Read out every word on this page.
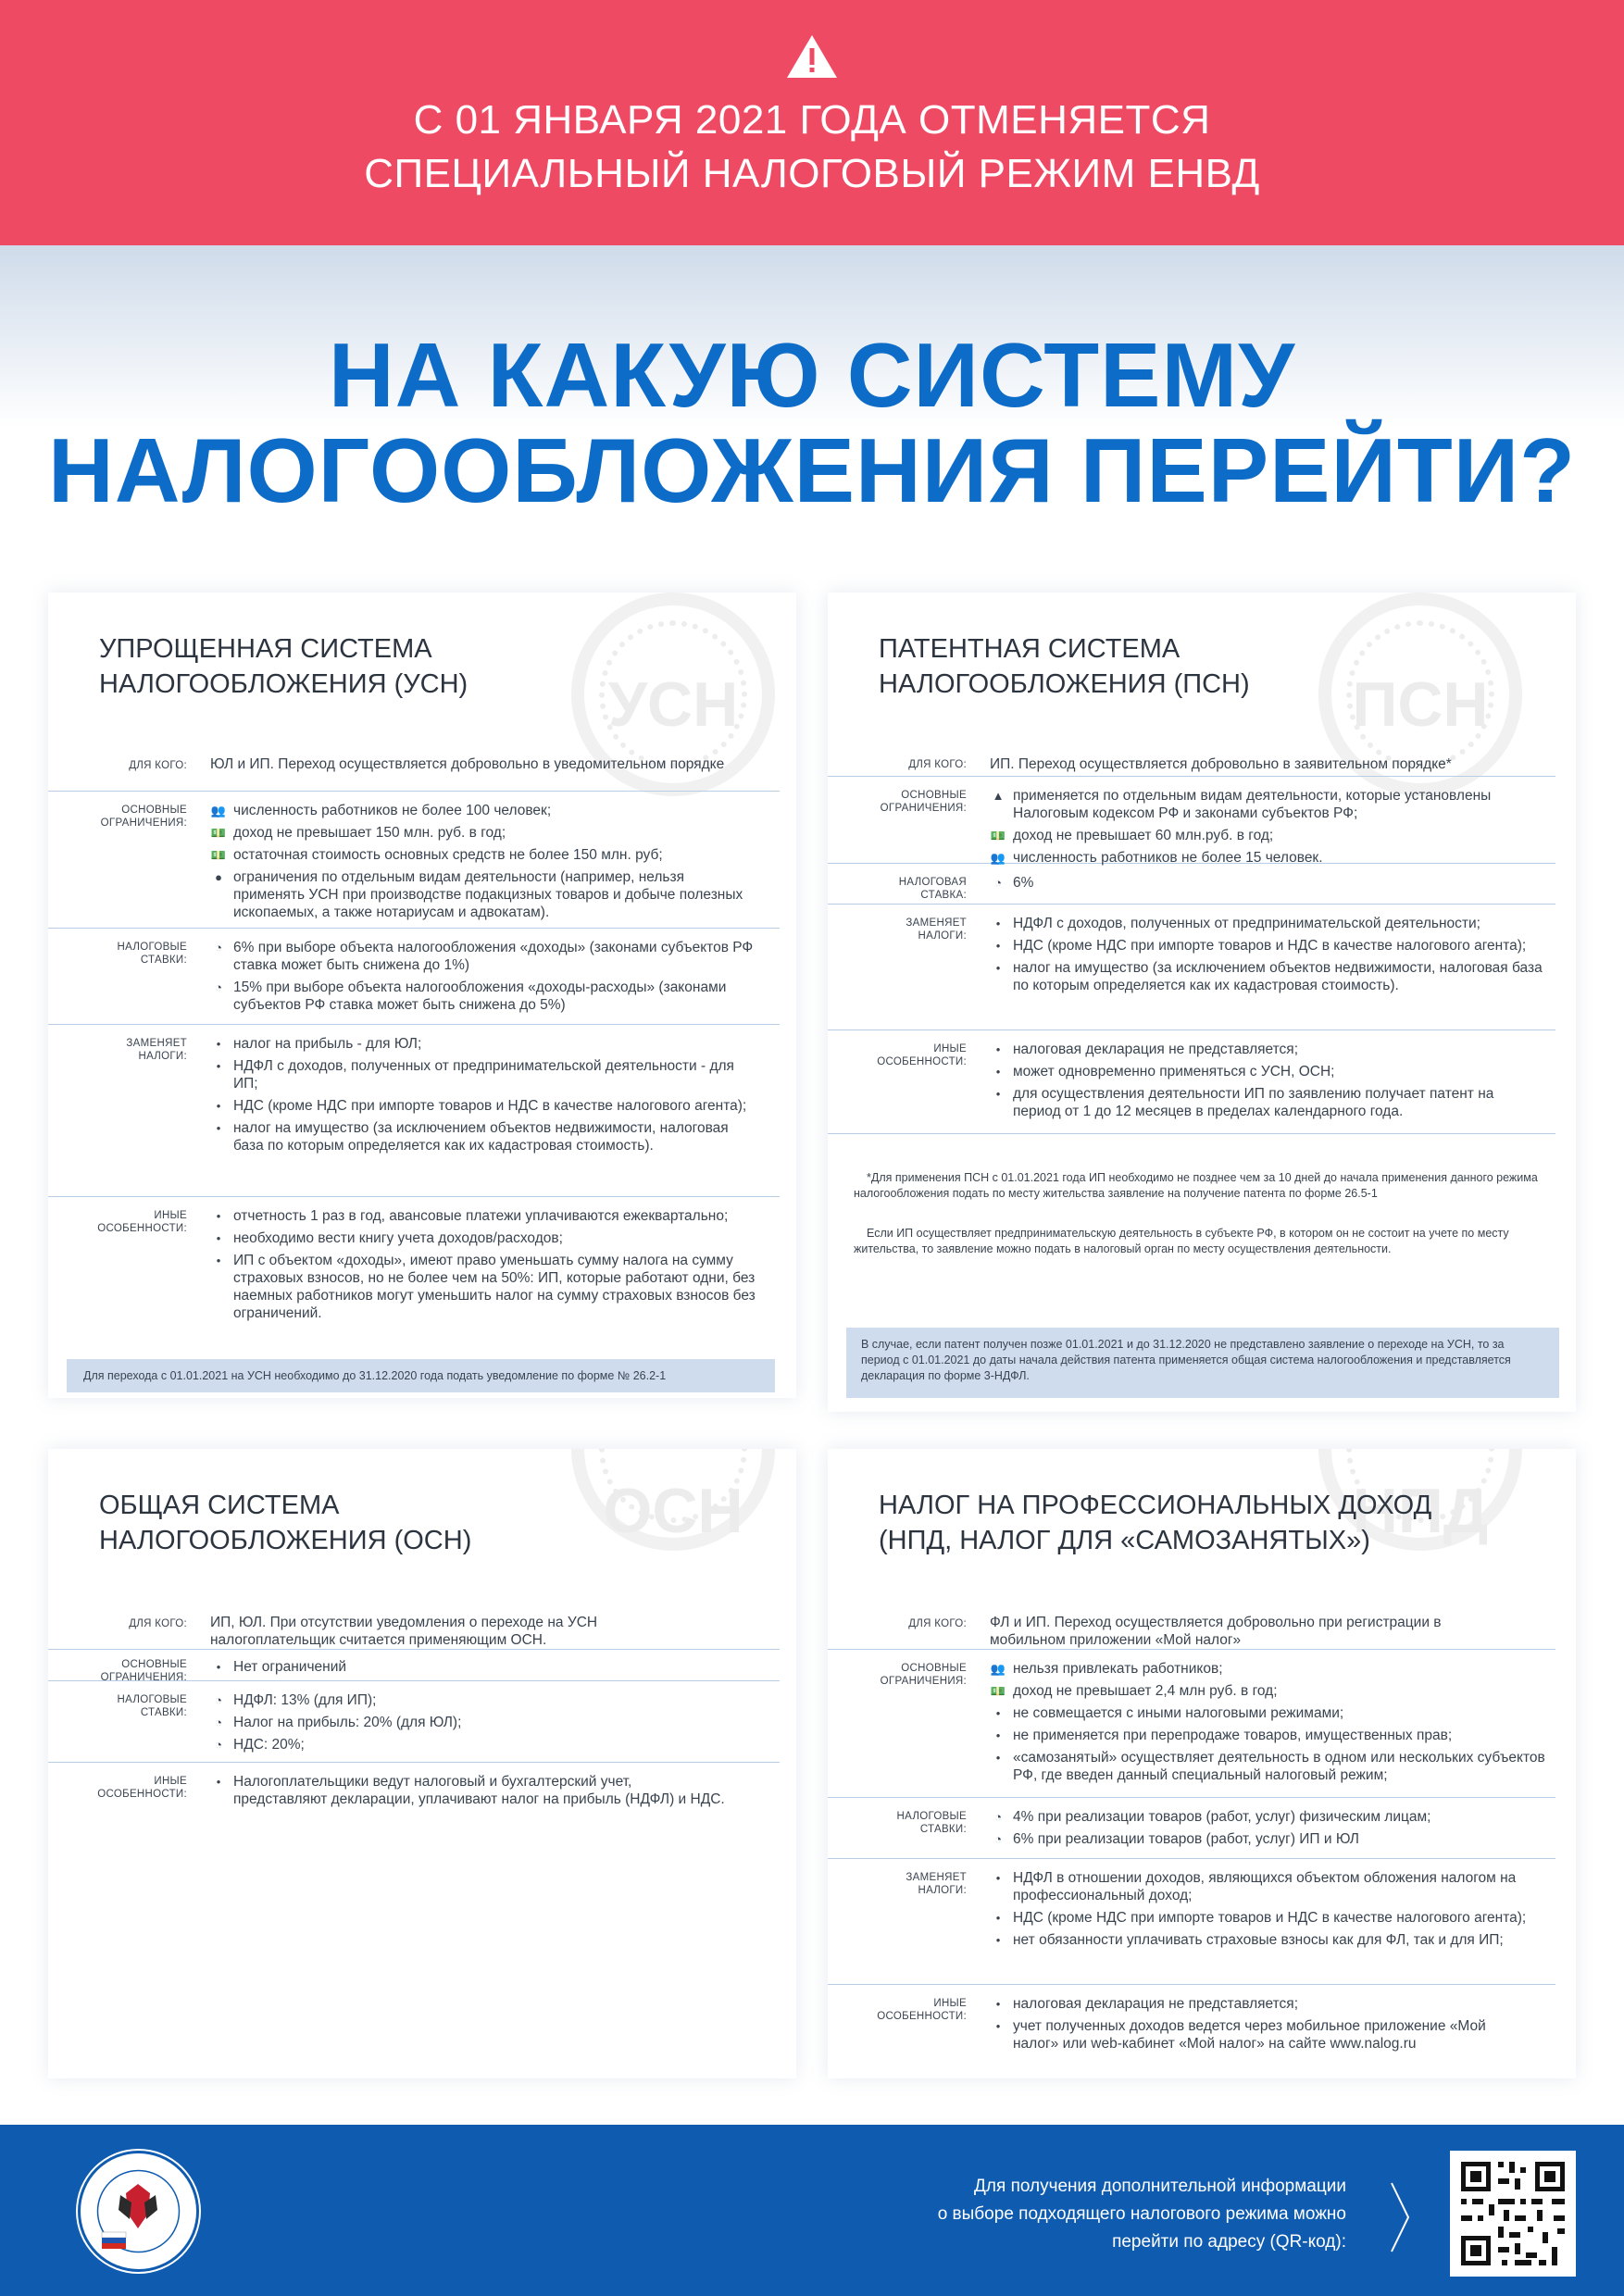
С 01 ЯНВАРЯ 2021 ГОДА ОТМЕНЯЕТСЯ
СПЕЦИАЛЬНЫЙ НАЛОГОВЫЙ РЕЖИМ ЕНВД
НА КАКУЮ СИСТЕМУ
НАЛОГООБЛОЖЕНИЯ ПЕРЕЙТИ?
УСН
УПРОЩЕННАЯ СИСТЕМА
НАЛОГООБЛОЖЕНИЯ (УСН)
ДЛЯ КОГО: ЮЛ и ИП. Переход осуществляется добровольно в уведомительном порядке
ОСНОВНЫЕ
ОГРАНИЧЕНИЯ:
👥 численность работников не более 100 человек;
💵 доход не превышает 150 млн. руб. в год;
💵 остаточная стоимость основных средств не более 150 млн. руб;
● ограничения по отдельным видам деятельности (например, нельзя применять УСН при производстве подакцизных товаров и добыче полезных ископаемых, а также нотариусам и адвокатам).
НАЛОГОВЫЕ
СТАВКИ:
◔ 6% при выборе объекта налогообложения «доходы» (законами субъектов РФ ставка может быть снижена до 1%)
◔ 15% при выборе объекта налогообложения «доходы-расходы» (законами субъектов РФ ставка может быть снижена до 5%)
ЗАМЕНЯЕТ
НАЛОГИ:
• налог на прибыль - для ЮЛ;
• НДФЛ с доходов, полученных от предпринимательской деятельности - для ИП;
• НДС (кроме НДС при импорте товаров и НДС в качестве налогового агента);
• налог на имущество (за исключением объектов недвижимости, налоговая база по которым определяется как их кадастровая стоимость).
ИНЫЕ
ОСОБЕННОСТИ:
• отчетность 1 раз в год, авансовые платежи уплачиваются ежеквартально;
• необходимо вести книгу учета доходов/расходов;
• ИП с объектом «доходы», имеют право уменьшать сумму налога на сумму страховых взносов, но не более чем на 50%: ИП, которые работают одни, без наемных работников могут уменьшить налог на сумму страховых взносов без ограничений.
Для перехода с 01.01.2021 на УСН необходимо до 31.12.2020 года подать уведомление по форме № 26.2-1
ПСН
ПАТЕНТНАЯ СИСТЕМА
НАЛОГООБЛОЖЕНИЯ (ПСН)
ДЛЯ КОГО: ИП. Переход осуществляется добровольно в заявительном порядке*
ОСНОВНЫЕ
ОГРАНИЧЕНИЯ:
▲ применяется по отдельным видам деятельности, которые установлены Налоговым кодексом РФ и законами субъектов РФ;
💵 доход не превышает 60 млн.руб. в год;
👥 численность работников не более 15 человек.
НАЛОГОВАЯ
СТАВКА:
◔ 6%
ЗАМЕНЯЕТ
НАЛОГИ:
• НДФЛ с доходов, полученных от предпринимательской деятельности;
• НДС (кроме НДС при импорте товаров и НДС в качестве налогового агента);
• налог на имущество (за исключением объектов недвижимости, налоговая база по которым определяется как их кадастровая стоимость).
ИНЫЕ
ОСОБЕННОСТИ:
• налоговая декларация не представляется;
• может одновременно применяться с УСН, ОСН;
• для осуществления деятельности ИП по заявлению получает патент на период от 1 до 12 месяцев в пределах календарного года.
*Для применения ПСН с 01.01.2021 года ИП необходимо не позднее чем за 10 дней до начала применения данного режима налогообложения подать по месту жительства заявление на получение патента по форме 26.5-1
Если ИП осуществляет предпринимательскую деятельность в субъекте РФ, в котором он не состоит на учете по месту жительства, то заявление можно подать в налоговый орган по месту осуществления деятельности.
В случае, если патент получен позже 01.01.2021 и до 31.12.2020 не представлено заявление о переходе на УСН, то за период с 01.01.2021 до даты начала действия патента применяется общая система налогообложения и представляется декларация по форме 3-НДФЛ.
ОСН
ОБЩАЯ СИСТЕМА
НАЛОГООБЛОЖЕНИЯ (ОСН)
ДЛЯ КОГО: ИП, ЮЛ. При отсутствии уведомления о переходе на УСН налогоплательщик считается применяющим ОСН.
ОСНОВНЫЕ
ОГРАНИЧЕНИЯ:
• Нет ограничений
НАЛОГОВЫЕ
СТАВКИ:
◔ НДФЛ: 13% (для ИП);
◔ Налог на прибыль: 20% (для ЮЛ);
◔ НДС: 20%;
ИНЫЕ
ОСОБЕННОСТИ:
• Налогоплательщики ведут налоговый и бухгалтерский учет, представляют декларации, уплачивают налог на прибыль (НДФЛ) и НДС.
НПД
НАЛОГ НА ПРОФЕССИОНАЛЬНЫХ ДОХОД
(НПД, НАЛОГ ДЛЯ «САМОЗАНЯТЫХ»)
ДЛЯ КОГО: ФЛ и ИП. Переход осуществляется добровольно при регистрации в мобильном приложении «Мой налог»
ОСНОВНЫЕ
ОГРАНИЧЕНИЯ:
👥 нельзя привлекать работников;
💵 доход не превышает 2,4 млн руб. в год;
• не совмещается с иными налоговыми режимами;
• не применяется при перепродаже товаров, имущественных прав;
• «самозанятый» осуществляет деятельность в одном или нескольких субъектов РФ, где введен данный специальный налоговый режим;
НАЛОГОВЫЕ
СТАВКИ:
◔ 4% при реализации товаров (работ, услуг) физическим лицам;
◔ 6% при реализации товаров (работ, услуг) ИП и ЮЛ
ЗАМЕНЯЕТ
НАЛОГИ:
• НДФЛ в отношении доходов, являющихся объектом обложения налогом на профессиональный доход;
• НДС (кроме НДС при импорте товаров и НДС в качестве налогового агента);
• нет обязанности уплачивать страховые взносы как для ФЛ, так и для ИП;
ИНЫЕ
ОСОБЕННОСТИ:
• налоговая декларация не представляется;
• учет полученных доходов ведется через мобильное приложение «Мой налог» или web-кабинет «Мой налог» на сайте www.nalog.ru
Для получения дополнительной информации
о выборе подходящего налогового режима можно
перейти по адресу (QR-код):
